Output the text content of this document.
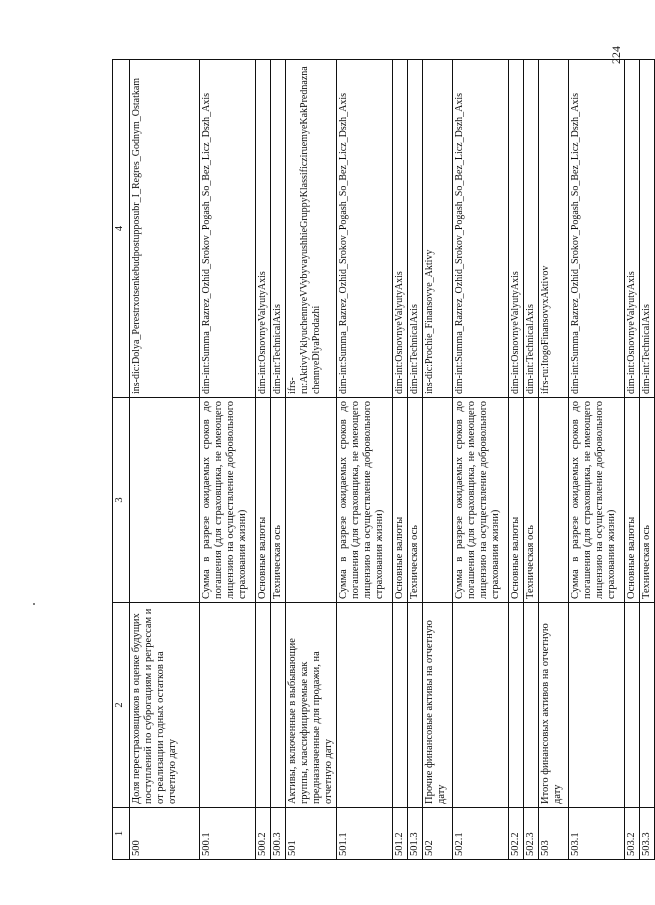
224
1	2	3	4
500	Доля перестраховщиков в оценке будущих поступлений по суброгациям и регрессам и от реализации годных остатков на отчетную дату		ins-dic:Dolya_Perestrxotsenkebudpostupposubr_I_Regres_Godnym_Ostatkam
500.1		Сумма в разрезе ожидаемых сроков до погашения (для страховщика, не имеющего лицензию на осуществление добровольного страхования жизни)	dim-int:Summa_Razrez_Ozhid_Srokov_Pogash_So_Bez_Licz_Dszh_Axis
500.2		Основные валюты	dim-int:OsnovnyeValyutyAxis
500.3		Техническая ось	dim-int:TechnicalAxis
501	Активы, включенные в выбывающие группы, классифицируемые как предназначенные для продажи, на отчетную дату		ifrs-ru:AktivyVklyuchennyeVVybyvayushhieGruppyKlassificziruemyeKakPrednaznachennyeDlyaProdazhi
501.1		Сумма в разрезе ожидаемых сроков до погашения (для страховщика, не имеющего лицензию на осуществление добровольного страхования жизни)	dim-int:Summa_Razrez_Ozhid_Srokov_Pogash_So_Bez_Licz_Dszh_Axis
501.2		Основные валюты	dim-int:OsnovnyeValyutyAxis
501.3		Техническая ось	dim-int:TechnicalAxis
502	Прочие финансовые активы на отчетную дату		ins-dic:Prochie_Finansovye_Aktivy
502.1		Сумма в разрезе ожидаемых сроков до погашения (для страховщика, не имеющего лицензию на осуществление добровольного страхования жизни)	dim-int:Summa_Razrez_Ozhid_Srokov_Pogash_So_Bez_Licz_Dszh_Axis
502.2		Основные валюты	dim-int:OsnovnyeValyutyAxis
502.3		Техническая ось	dim-int:TechnicalAxis
503	Итого финансовых активов на отчетную дату		ifrs-ru:ItogoFinansovyxAktivov
503.1		Сумма в разрезе ожидаемых сроков до погашения (для страховщика, не имеющего лицензию на осуществление добровольного страхования жизни)	dim-int:Summa_Razrez_Ozhid_Srokov_Pogash_So_Bez_Licz_Dszh_Axis
503.2		Основные валюты	dim-int:OsnovnyeValyutyAxis
503.3		Техническая ось	dim-int:TechnicalAxis
